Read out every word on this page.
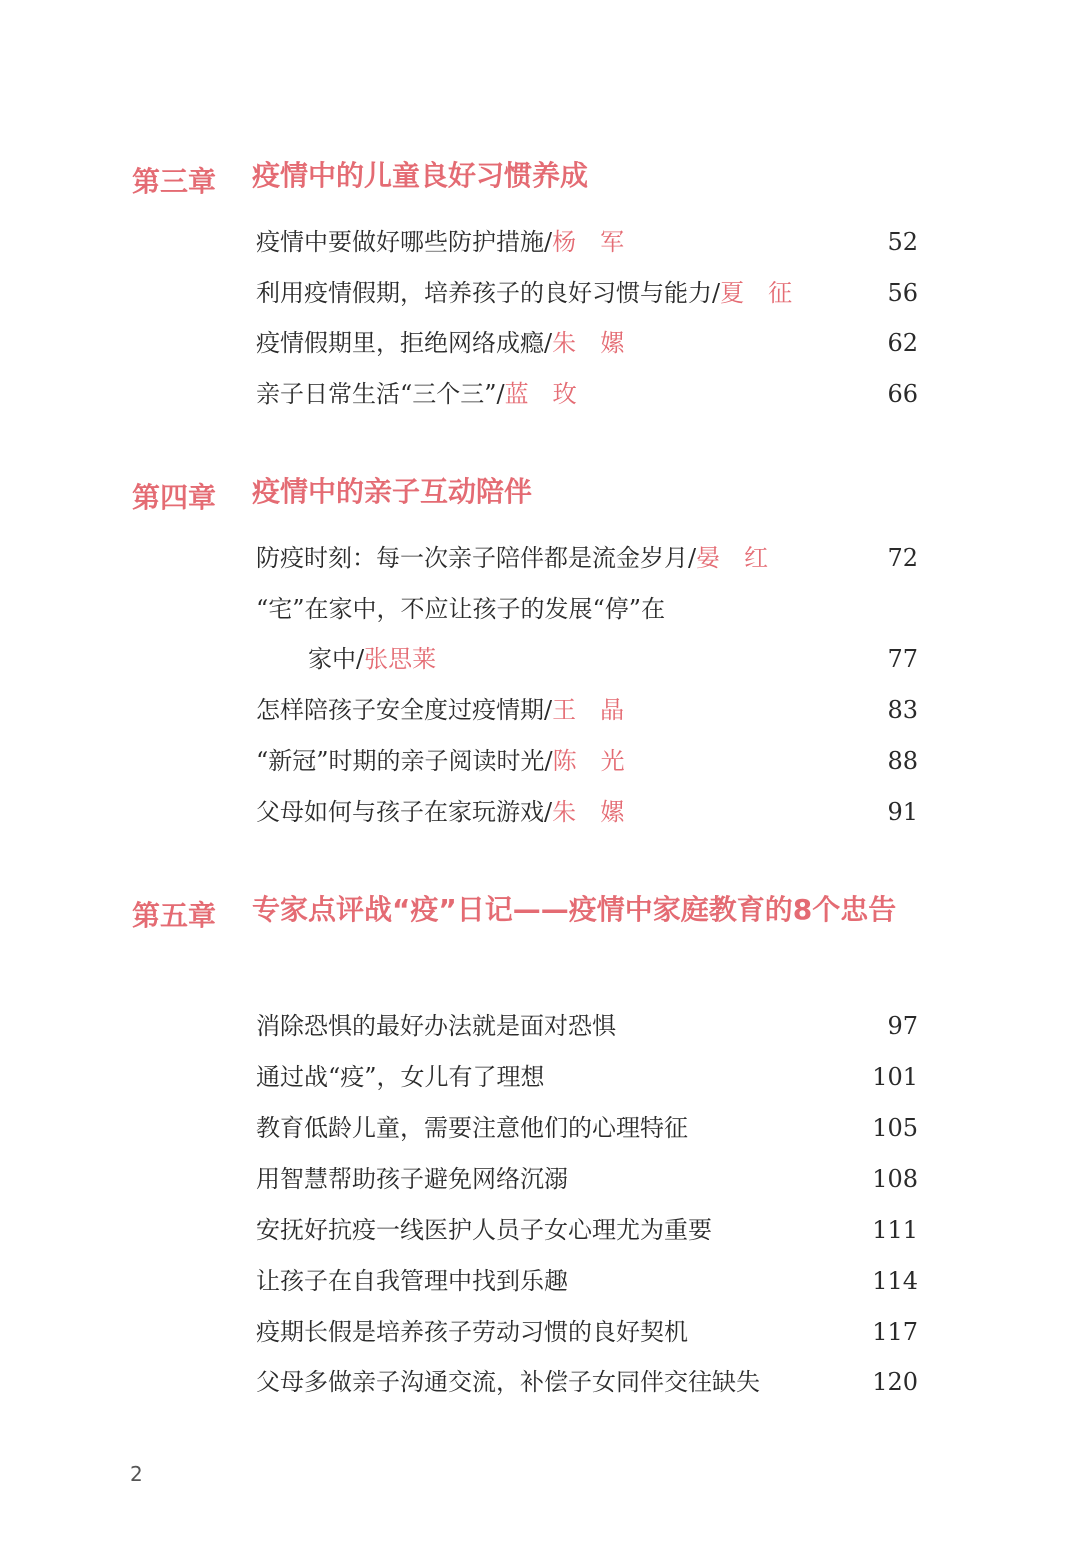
第三章 疫情中的儿童良好习惯养成
疫情中要做好哪些防护措施/杨　军	52
利用疫情假期，培养孩子的良好习惯与能力/夏　征	56
疫情假期里，拒绝网络成瘾/朱　嫘	62
亲子日常生活“三个三”/蓝　玫	66
第四章 疫情中的亲子互动陪伴
防疫时刻：每一次亲子陪伴都是流金岁月/晏　红	72
“宅”在家中，不应让孩子的发展“停”在
家中/张思莱	77
怎样陪孩子安全度过疫情期/王　晶	83
“新冠”时期的亲子阅读时光/陈　光	88
父母如何与孩子在家玩游戏/朱　嫘	91
第五章 专家点评战“疫”日记——疫情中家庭教育的8个忠告
消除恐惧的最好办法就是面对恐惧	97
通过战“疫”，女儿有了理想	101
教育低龄儿童，需要注意他们的心理特征	105
用智慧帮助孩子避免网络沉溺	108
安抚好抗疫一线医护人员子女心理尤为重要	111
让孩子在自我管理中找到乐趣	114
疫期长假是培养孩子劳动习惯的良好契机	117
父母多做亲子沟通交流，补偿子女同伴交往缺失	120
2
